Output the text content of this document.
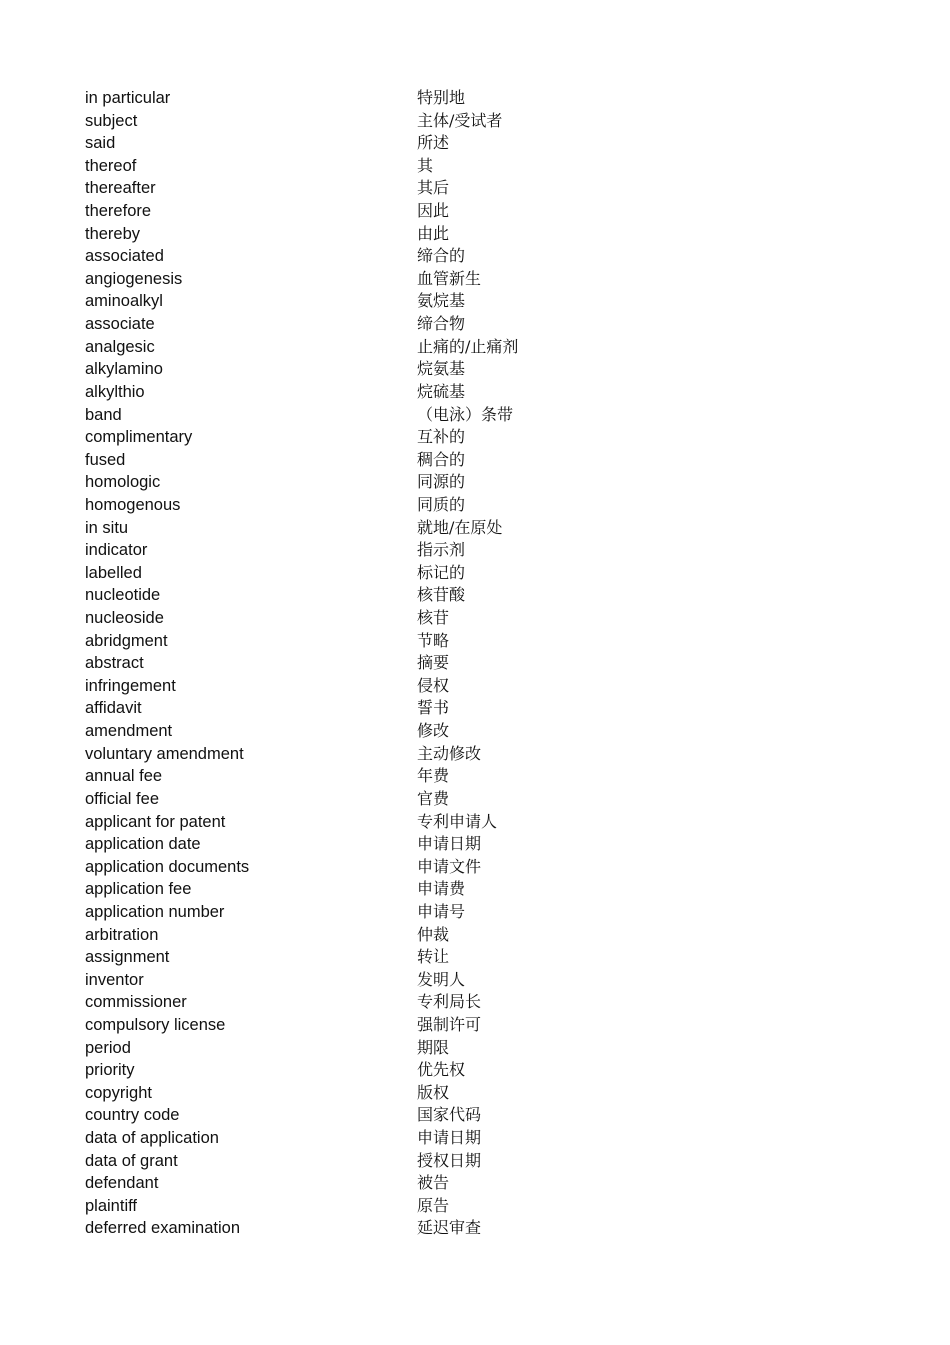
in particular	特别地
subject	主体/受试者
said	所述
thereof	其
thereafter	其后
therefore	因此
thereby	由此
associated	缔合的
angiogenesis	血管新生
aminoalkyl	氨烷基
associate	缔合物
analgesic	止痛的/止痛剂
alkylamino	烷氨基
alkylthio	烷硫基
band	（电泳）条带
complimentary	互补的
fused	稠合的
homologic	同源的
homogenous	同质的
in situ	就地/在原处
indicator	指示剂
labelled	标记的
nucleotide	核苷酸
nucleoside	核苷
abridgment	节略
abstract	摘要
infringement	侵权
affidavit	誓书
amendment	修改
voluntary amendment	主动修改
annual fee	年费
official fee	官费
applicant for patent	专利申请人
application date	申请日期
application documents	申请文件
application fee	申请费
application number	申请号
arbitration	仲裁
assignment	转让
inventor	发明人
commissioner	专利局长
compulsory license	强制许可
period	期限
priority	优先权
copyright	版权
country code	国家代码
data of application	申请日期
data of grant	授权日期
defendant	被告
plaintiff	原告
deferred examination	延迟审查
